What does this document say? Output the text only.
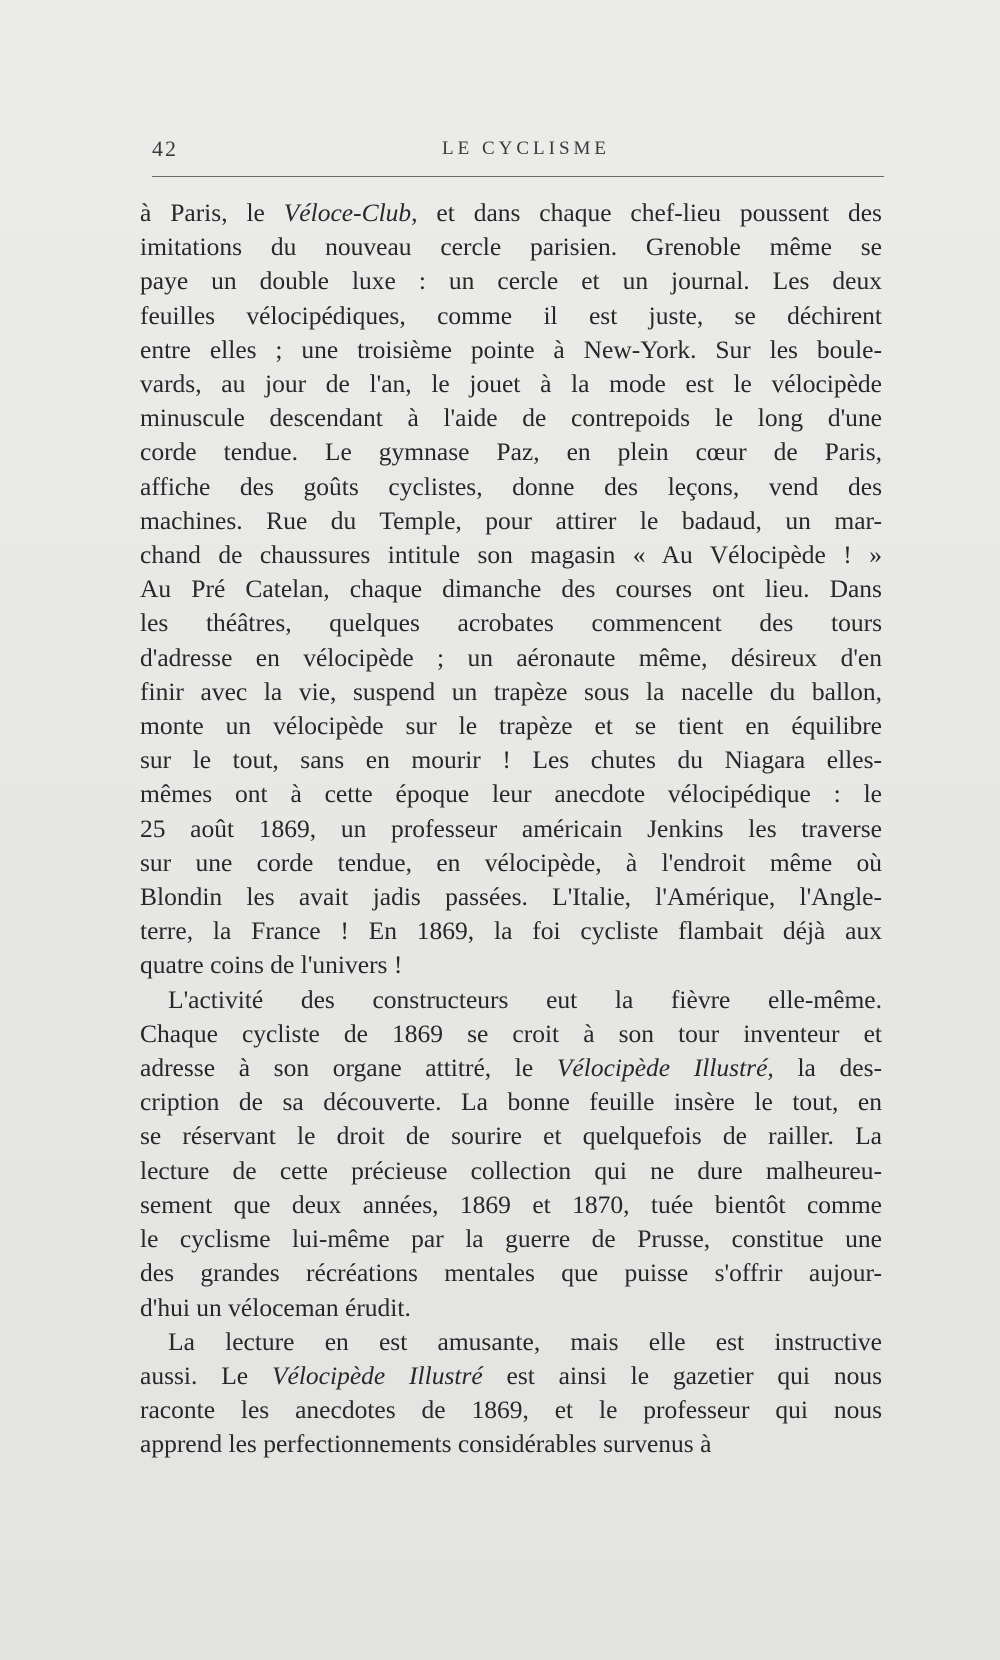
42	LE CYCLISME

à Paris, le Véloce-Club, et dans chaque chef-lieu poussent des
imitations du nouveau cercle parisien. Grenoble même se
paye un double luxe : un cercle et un journal. Les deux
feuilles vélocipédiques, comme il est juste, se déchirent
entre elles ; une troisième pointe à New-York. Sur les boule-
vards, au jour de l'an, le jouet à la mode est le vélocipède
minuscule descendant à l'aide de contrepoids le long d'une
corde tendue. Le gymnase Paz, en plein cœur de Paris,
affiche des goûts cyclistes, donne des leçons, vend des
machines. Rue du Temple, pour attirer le badaud, un mar-
chand de chaussures intitule son magasin « Au Vélocipède ! »
Au Pré Catelan, chaque dimanche des courses ont lieu. Dans
les théâtres, quelques acrobates commencent des tours
d'adresse en vélocipède ; un aéronaute même, désireux d'en
finir avec la vie, suspend un trapèze sous la nacelle du ballon,
monte un vélocipède sur le trapèze et se tient en équilibre
sur le tout, sans en mourir ! Les chutes du Niagara elles-
mêmes ont à cette époque leur anecdote vélocipédique : le
25 août 1869, un professeur américain Jenkins les traverse
sur une corde tendue, en vélocipède, à l'endroit même où
Blondin les avait jadis passées. L'Italie, l'Amérique, l'Angle-
terre, la France ! En 1869, la foi cycliste flambait déjà aux
quatre coins de l'univers !

L'activité des constructeurs eut la fièvre elle-même.
Chaque cycliste de 1869 se croit à son tour inventeur et
adresse à son organe attitré, le Vélocipède Illustré, la des-
cription de sa découverte. La bonne feuille insère le tout, en
se réservant le droit de sourire et quelquefois de railler. La
lecture de cette précieuse collection qui ne dure malheureu-
sement que deux années, 1869 et 1870, tuée bientôt comme
le cyclisme lui-même par la guerre de Prusse, constitue une
des grandes récréations mentales que puisse s'offrir aujour-
d'hui un véloceman érudit.

La lecture en est amusante, mais elle est instructive
aussi. Le Vélocipède Illustré est ainsi le gazetier qui nous
raconte les anecdotes de 1869, et le professeur qui nous
apprend les perfectionnements considérables survenus à
